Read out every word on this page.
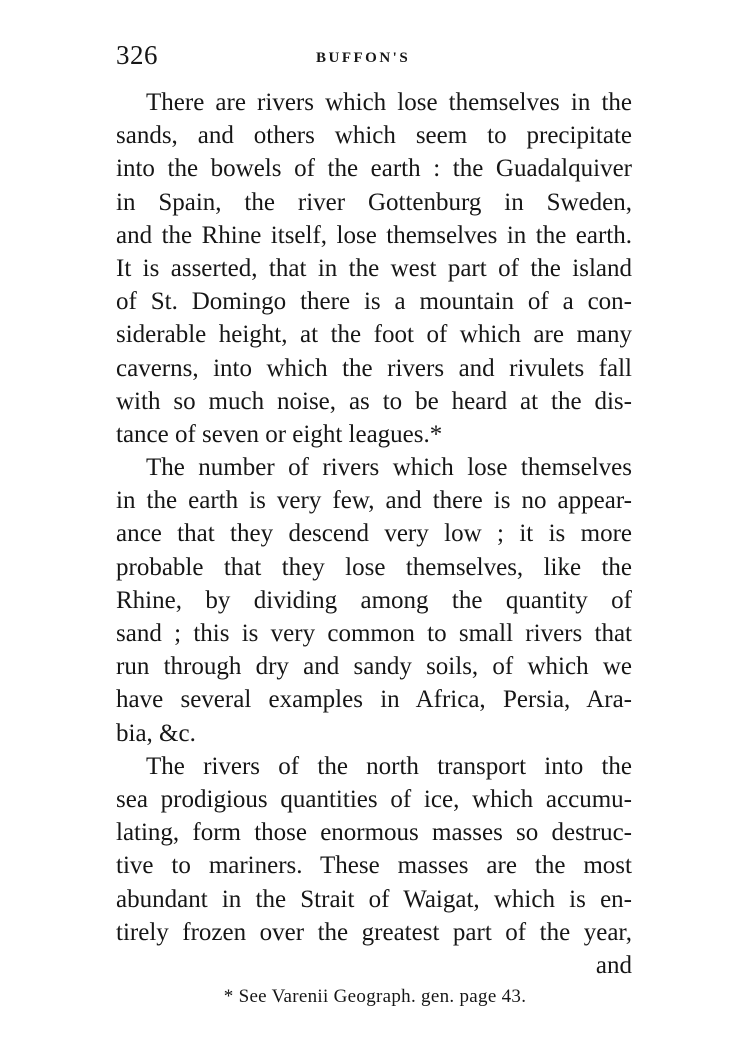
326	BUFFON'S
There are rivers which lose themselves in the
sands, and others which seem to precipitate
into the bowels of the earth : the Guadalquiver
in Spain, the river Gottenburg in Sweden,
and the Rhine itself, lose themselves in the earth.
It is asserted, that in the west part of the island
of St. Domingo there is a mountain of a con-
siderable height, at the foot of which are many
caverns, into which the rivers and rivulets fall
with so much noise, as to be heard at the dis-
tance of seven or eight leagues.*
The number of rivers which lose themselves
in the earth is very few, and there is no appear-
ance that they descend very low ; it is more
probable that they lose themselves, like the
Rhine, by dividing among the quantity of
sand ; this is very common to small rivers that
run through dry and sandy soils, of which we
have several examples in Africa, Persia, Ara-
bia, &c.
The rivers of the north transport into the
sea prodigious quantities of ice, which accumu-
lating, form those enormous masses so destruc-
tive to mariners. These masses are the most
abundant in the Strait of Waigat, which is en-
tirely frozen over the greatest part of the year,
and
* See Varenii Geograph. gen. page 43.
